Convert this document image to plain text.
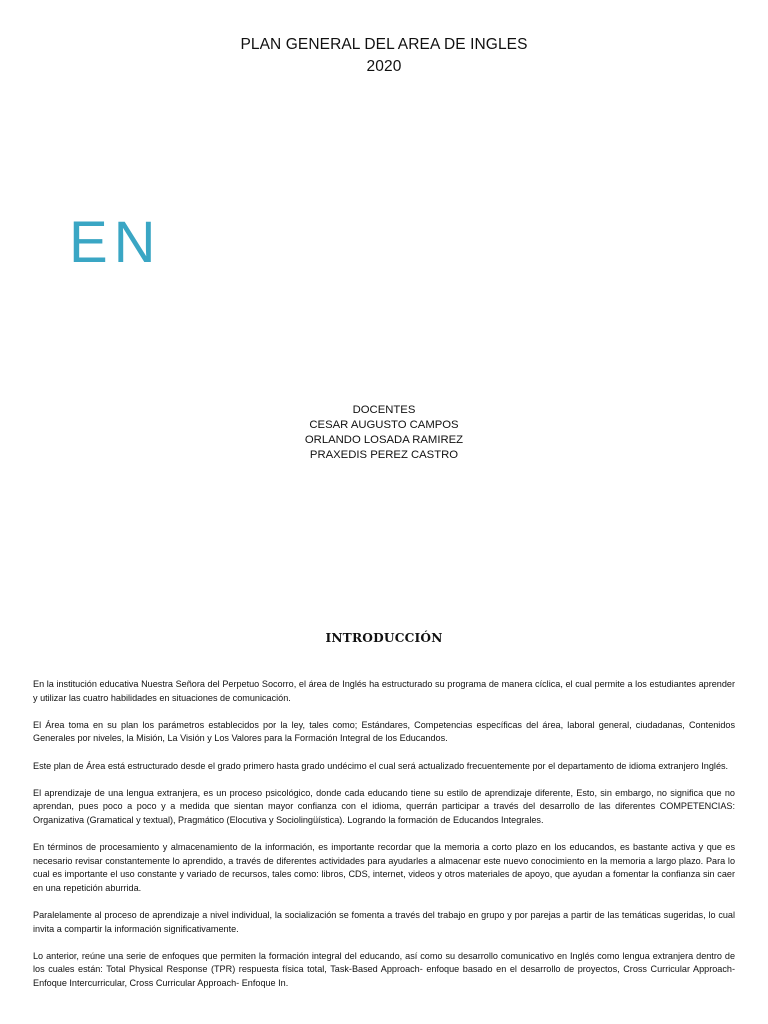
PLAN GENERAL DEL AREA DE INGLES
2020
EN
DOCENTES
CESAR AUGUSTO CAMPOS
ORLANDO LOSADA RAMIREZ
PRAXEDIS PEREZ CASTRO
INTRODUCCIÓN

En la institución educativa Nuestra Señora del Perpetuo Socorro, el área de Inglés ha estructurado su programa de manera cíclica, el cual permite a los estudiantes aprender y utilizar las cuatro habilidades en situaciones de comunicación.

El Área toma en su plan los parámetros establecidos por la ley, tales como; Estándares, Competencias específicas del área, laboral general, ciudadanas, Contenidos Generales por niveles, la Misión, La Visión y Los Valores para la Formación Integral de los Educandos.

Este plan de Área está estructurado desde el grado primero hasta grado undécimo el cual será actualizado frecuentemente por el departamento de idioma extranjero Inglés.

El aprendizaje de una lengua extranjera, es un proceso psicológico, donde cada educando tiene su estilo de aprendizaje diferente, Esto, sin embargo, no significa que no aprendan, pues poco a poco y a medida que sientan mayor confianza con el idioma, querrán participar a través del desarrollo de las diferentes COMPETENCIAS: Organizativa (Gramatical y textual), Pragmático (Elocutiva y Sociolingüística). Logrando la formación de Educandos Integrales.

En términos de procesamiento y almacenamiento de la información, es importante recordar que la memoria a corto plazo en los educandos, es bastante activa y que es necesario revisar constantemente lo aprendido, a través de diferentes actividades para ayudarles a almacenar este nuevo conocimiento en la memoria a largo plazo. Para lo cual es importante el uso constante y variado de recursos, tales como: libros, CDS, internet, videos y otros materiales de apoyo, que ayudan a fomentar la confianza sin caer en una repetición aburrida.

Paralelamente al proceso de aprendizaje a nivel individual, la socialización se fomenta a través del trabajo en grupo y por parejas a partir de las temáticas sugeridas, lo cual invita a compartir la información significativamente.

Lo anterior, reúne una serie de enfoques que permiten la formación integral del educando, así como su desarrollo comunicativo en Inglés como lengua extranjera dentro de los cuales están: Total Physical Response (TPR) respuesta física total, Task-Based Approach- enfoque basado en el desarrollo de proyectos, Cross Curricular Approach- Enfoque Intercurricular, Cross Curricular Approach- Enfoque In.
